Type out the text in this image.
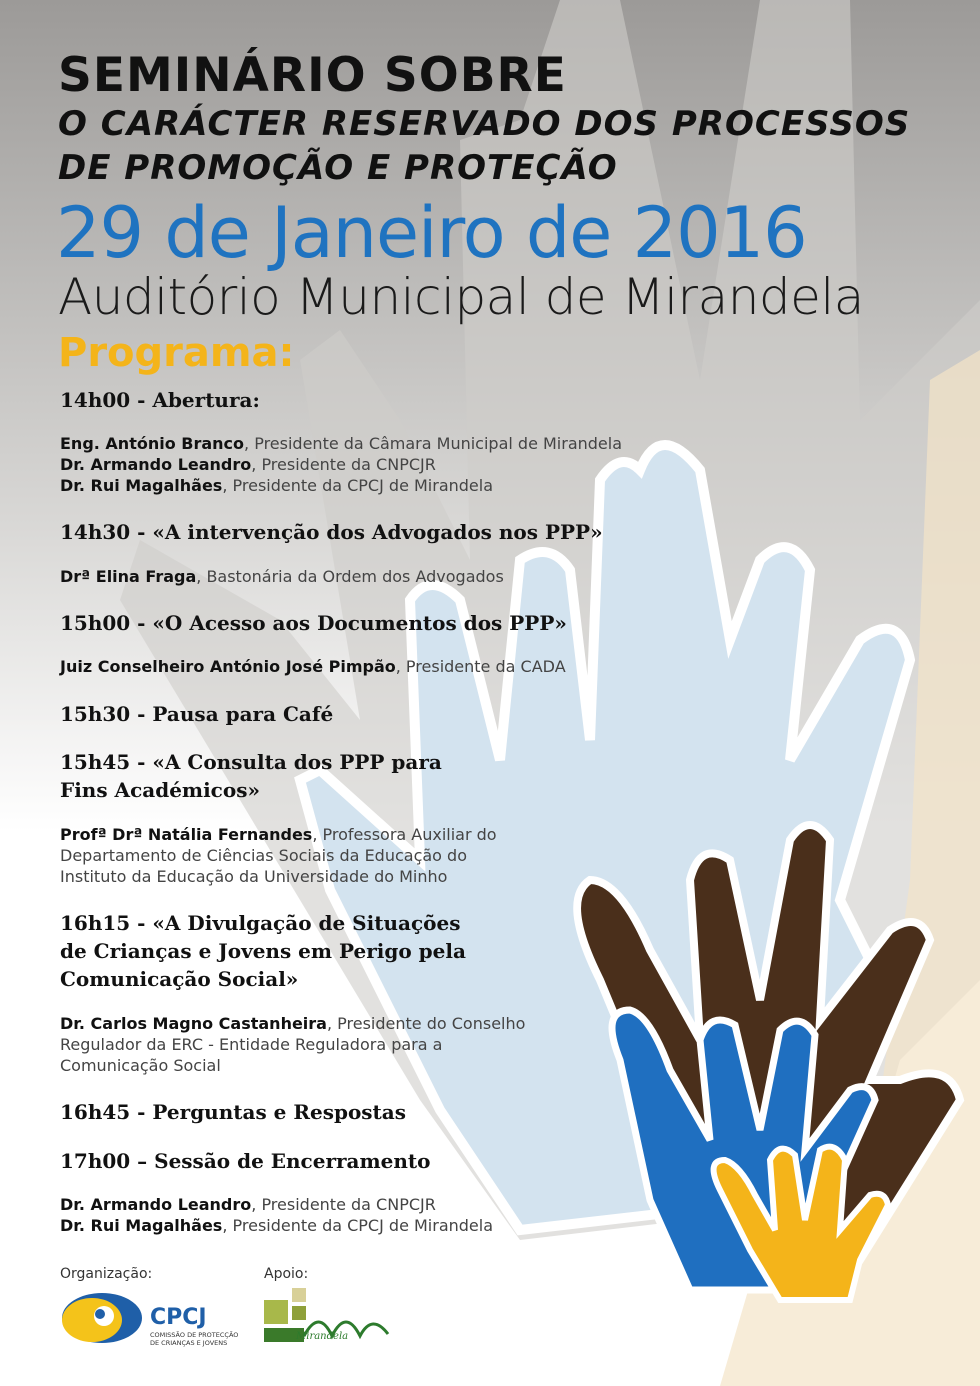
SEMINÁRIO SOBRE
O CARÁCTER RESERVADO DOS PROCESSOS
DE PROMOÇÃO E PROTEÇÃO
29 de Janeiro de 2016
Auditório Municipal de Mirandela
Programa:
14h00 - Abertura:
Eng. António Branco, Presidente da Câmara Municipal de Mirandela
Dr. Armando Leandro, Presidente da CNPCJR
Dr. Rui Magalhães, Presidente da CPCJ de Mirandela
14h30 - «A intervenção dos Advogados nos PPP»
Drª Elina Fraga, Bastonária da Ordem dos Advogados
15h00 - «O Acesso aos Documentos dos PPP»
Juiz Conselheiro António José Pimpão, Presidente da CADA
15h30 - Pausa para Café
15h45 - «A Consulta dos PPP para
Fins Académicos»
Profª Drª Natália Fernandes, Professora Auxiliar do
Departamento de Ciências Sociais da Educação do
Instituto da Educação da Universidade do Minho
16h15 - «A Divulgação de Situações
de Crianças e Jovens em Perigo pela
Comunicação Social»
Dr. Carlos Magno Castanheira, Presidente do Conselho
Regulador da ERC - Entidade Reguladora para a
Comunicação Social
16h45 - Perguntas e Respostas
17h00 – Sessão de Encerramento
Dr. Armando Leandro, Presidente da CNPCJR
Dr. Rui Magalhães, Presidente da CPCJ de Mirandela
Organização:	Apoio:
CPCJ
COMISSÃO DE PROTECÇÃO DE CRIANÇAS E JOVENS
Mirandela
